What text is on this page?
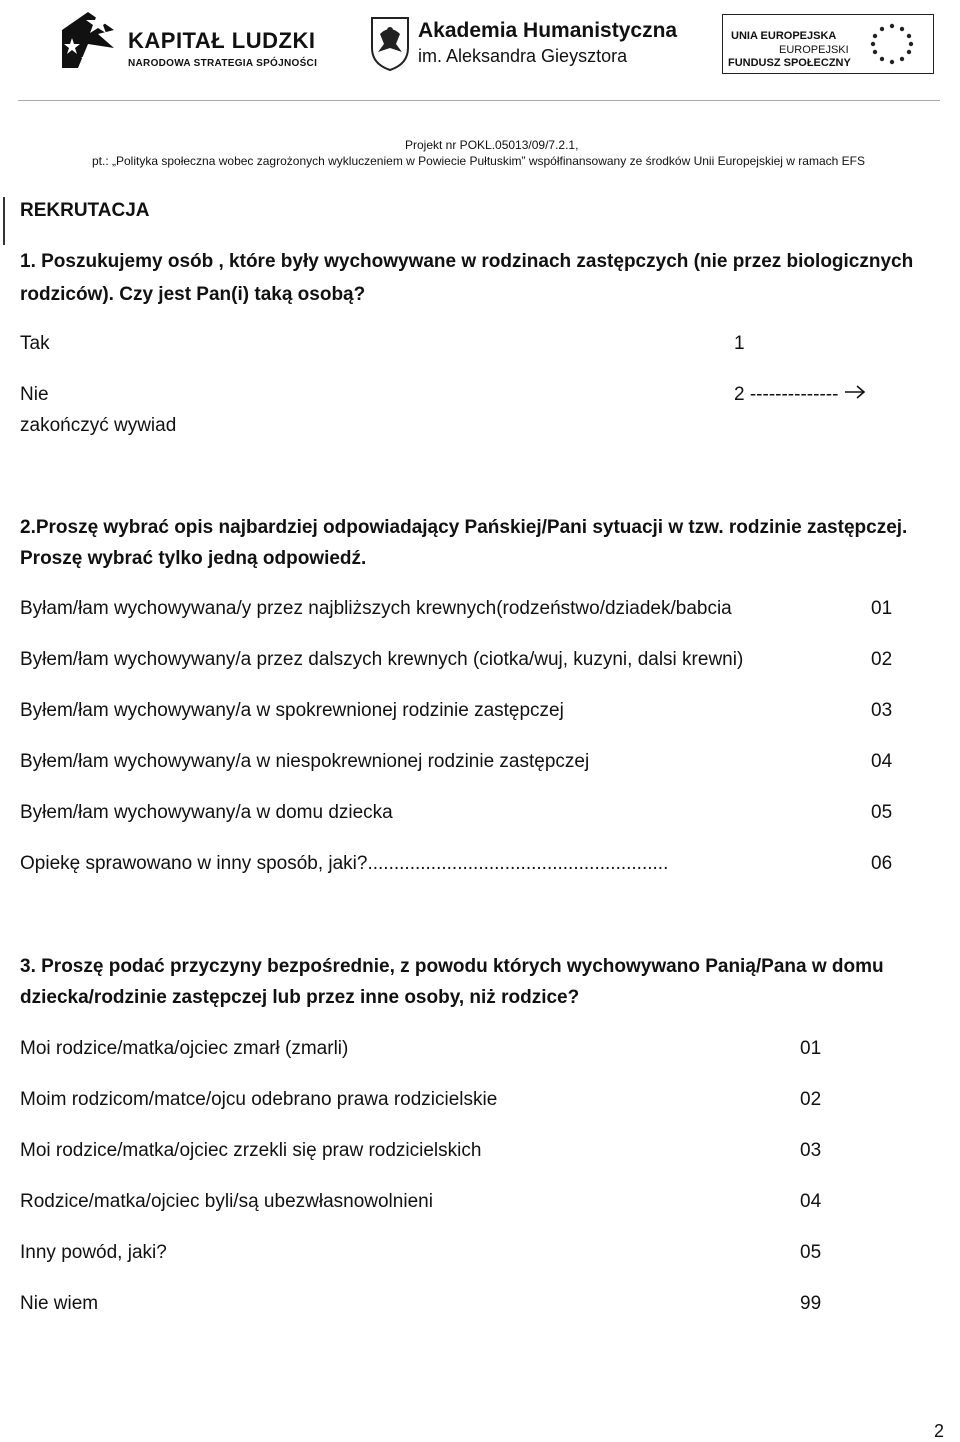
KAPITAŁ LUDZKI
NARODOWA STRATEGIA SPÓJNOŚCI
Akademia Humanistyczna
im. Aleksandra Gieysztora
UNIA EUROPEJSKA
EUROPEJSKI
FUNDUSZ SPOŁECZNY
Projekt nr POKL.05013/09/7.2.1,
pt.: „Polityka społeczna wobec zagrożonych wykluczeniem w Powiecie Pułtuskim” współfinansowany ze środków Unii Europejskiej w ramach EFS
REKRUTACJA
1. Poszukujemy osób , które były wychowywane w rodzinach zastępczych (nie przez biologicznych
rodziców). Czy jest Pan(i) taką osobą?
Tak	1
Nie	2 --------------
zakończyć wywiad
2.Proszę wybrać opis najbardziej odpowiadający Pańskiej/Pani sytuacji w tzw. rodzinie zastępczej.
Proszę wybrać tylko jedną odpowiedź.
Byłam/łam wychowywana/y przez najbliższych krewnych(rodzeństwo/dziadek/babcia	01
Byłem/łam wychowywany/a przez dalszych krewnych (ciotka/wuj, kuzyni, dalsi krewni)	02
Byłem/łam wychowywany/a w spokrewnionej rodzinie zastępczej	03
Byłem/łam wychowywany/a w niespokrewnionej rodzinie zastępczej	04
Byłem/łam wychowywany/a w domu dziecka	05
Opiekę sprawowano w inny sposób, jaki?.........................................................	06
3. Proszę podać przyczyny bezpośrednie, z powodu których wychowywano Panią/Pana w domu
dziecka/rodzinie zastępczej lub przez inne osoby, niż rodzice?
Moi rodzice/matka/ojciec zmarł (zmarli)	01
Moim rodzicom/matce/ojcu odebrano prawa rodzicielskie	02
Moi rodzice/matka/ojciec zrzekli się praw rodzicielskich	03
Rodzice/matka/ojciec byli/są ubezwłasnowolnieni	04
Inny powód, jaki?	05
Nie wiem	99
2
